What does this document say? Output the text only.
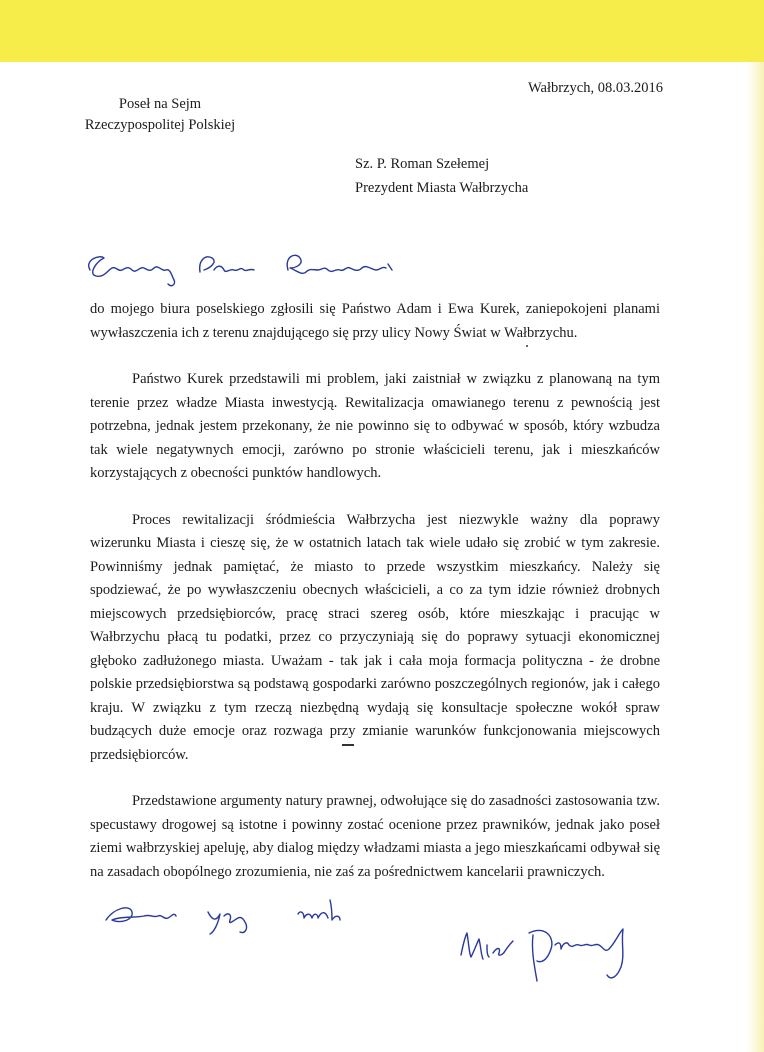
Poseł na Sejm
Rzeczypospolitej Polskiej
Wałbrzych, 08.03.2016
Sz. P. Roman Szełemej
Prezydent Miasta Wałbrzycha

do mojego biura poselskiego zgłosili się Państwo Adam i Ewa Kurek, zaniepokojeni planami wywłaszczenia ich z terenu znajdującego się przy ulicy Nowy Świat w Wałbrzychu.

Państwo Kurek przedstawili mi problem, jaki zaistniał w związku z planowaną na tym terenie przez władze Miasta inwestycją. Rewitalizacja omawianego terenu z pewnością jest potrzebna, jednak jestem przekonany, że nie powinno się to odbywać w sposób, który wzbudza tak wiele negatywnych emocji, zarówno po stronie właścicieli terenu, jak i mieszkańców korzystających z obecności punktów handlowych.

Proces rewitalizacji śródmieścia Wałbrzycha jest niezwykle ważny dla poprawy wizerunku Miasta i cieszę się, że w ostatnich latach tak wiele udało się zrobić w tym zakresie. Powinniśmy jednak pamiętać, że miasto to przede wszystkim mieszkańcy. Należy się spodziewać, że po wywłaszczeniu obecnych właścicieli, a co za tym idzie również drobnych miejscowych przedsiębiorców, pracę straci szereg osób, które mieszkając i pracując w Wałbrzychu płacą tu podatki, przez co przyczyniają się do poprawy sytuacji ekonomicznej głęboko zadłużonego miasta. Uważam - tak jak i cała moja formacja polityczna - że drobne polskie przedsiębiorstwa są podstawą gospodarki zarówno poszczególnych regionów, jak i całego kraju. W związku z tym rzeczą niezbędną wydają się konsultacje społeczne wokół spraw budzących duże emocje oraz rozwaga przy zmianie warunków funkcjonowania miejscowych przedsiębiorców.

Przedstawione argumenty natury prawnej, odwołujące się do zasadności zastosowania tzw. specustawy drogowej są istotne i powinny zostać ocenione przez prawników, jednak jako poseł ziemi wałbrzyskiej apeluję, aby dialog między władzami miasta a jego mieszkańcami odbywał się na zasadach obopólnego zrozumienia, nie zaś za pośrednictwem kancelarii prawniczych.
